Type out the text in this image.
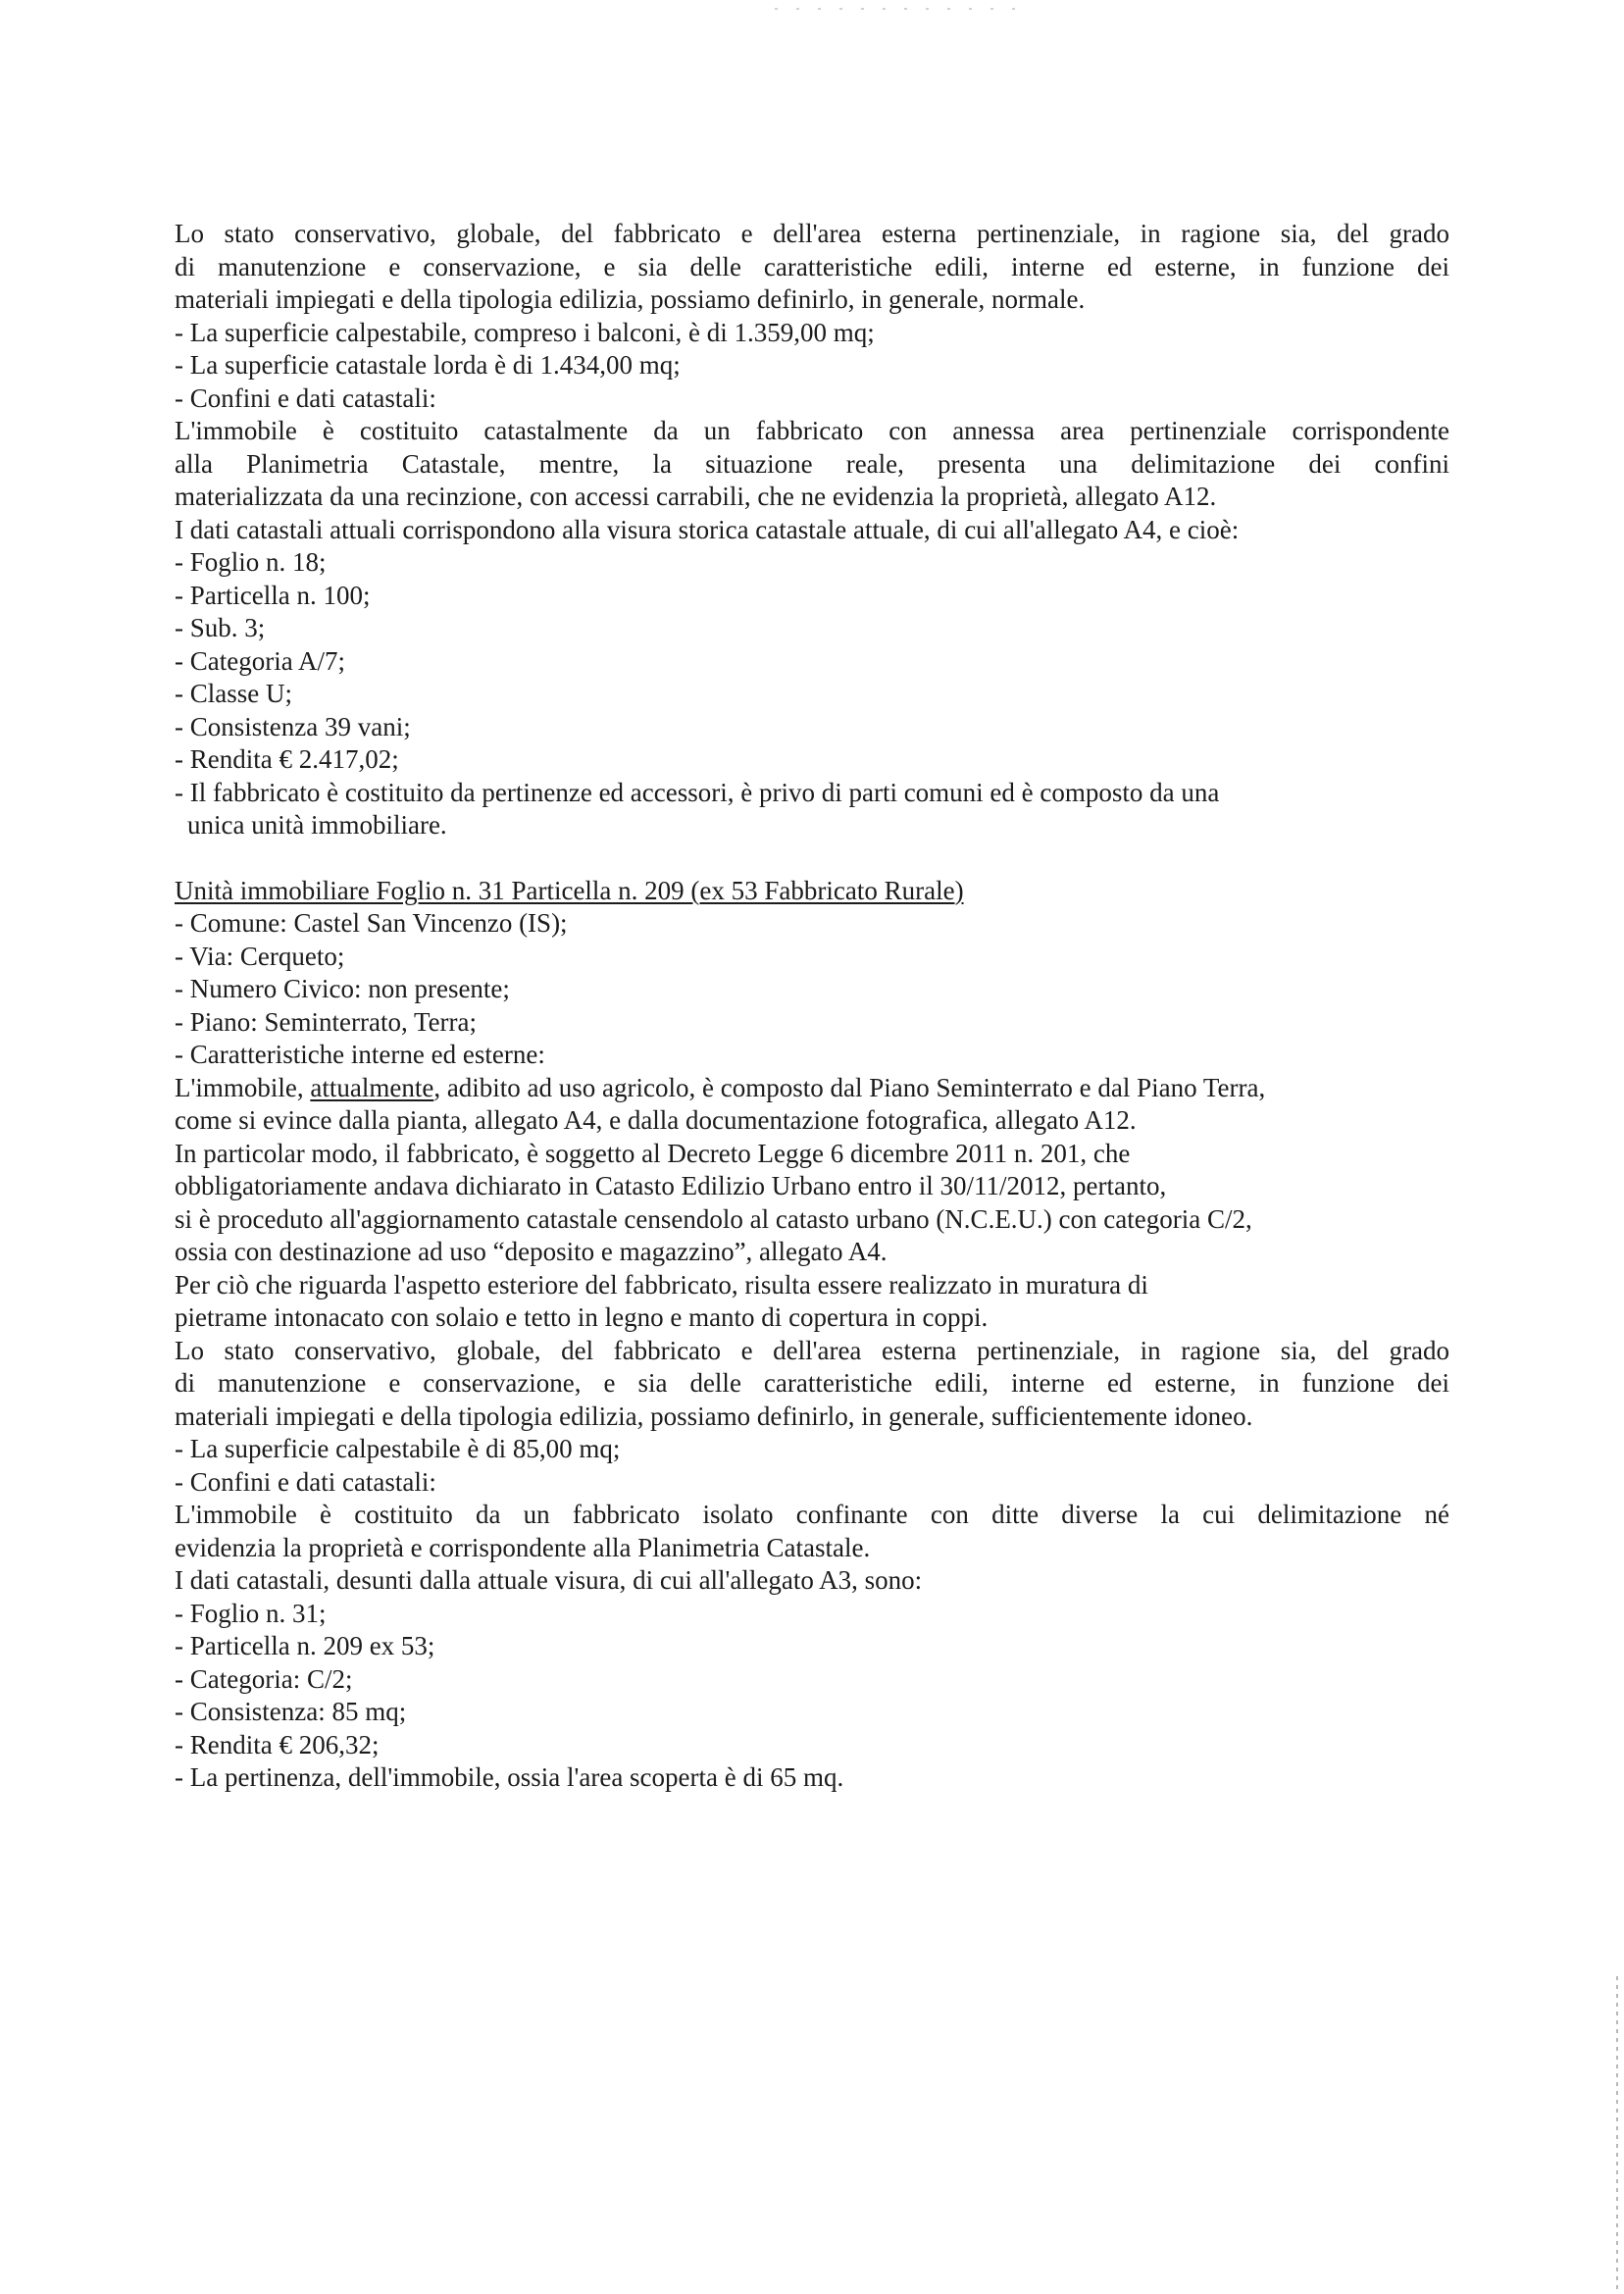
Lo stato conservativo, globale, del fabbricato e dell'area esterna pertinenziale, in ragione sia, del grado
di manutenzione e conservazione, e sia delle caratteristiche edili, interne ed esterne, in funzione dei
materiali impiegati e della tipologia edilizia, possiamo definirlo, in generale, normale.
- La superficie calpestabile, compreso i balconi, è di 1.359,00 mq;
- La superficie catastale lorda è di 1.434,00 mq;
- Confini e dati catastali:
L'immobile è costituito catastalmente da un fabbricato con annessa area pertinenziale corrispondente
alla Planimetria Catastale, mentre, la situazione reale, presenta una delimitazione dei confini
materializzata da una recinzione, con accessi carrabili, che ne evidenzia la proprietà, allegato A12.
I dati catastali attuali corrispondono alla visura storica catastale attuale, di cui all'allegato A4, e cioè:
- Foglio n. 18;
- Particella n. 100;
- Sub. 3;
- Categoria A/7;
- Classe U;
- Consistenza 39 vani;
- Rendita € 2.417,02;
- Il fabbricato è costituito da pertinenze ed accessori, è privo di parti comuni ed è composto da una
unica unità immobiliare.
Unità immobiliare Foglio n. 31 Particella n. 209 (ex 53 Fabbricato Rurale)
- Comune: Castel San Vincenzo (IS);
- Via: Cerqueto;
- Numero Civico: non presente;
- Piano: Seminterrato, Terra;
- Caratteristiche interne ed esterne:
L'immobile, attualmente, adibito ad uso agricolo, è composto dal Piano Seminterrato e dal Piano Terra,
come si evince dalla pianta, allegato A4, e dalla documentazione fotografica, allegato A12.
In particolar modo, il fabbricato, è soggetto al Decreto Legge 6 dicembre 2011 n. 201, che
obbligatoriamente andava dichiarato in Catasto Edilizio Urbano entro il 30/11/2012, pertanto,
si è proceduto all'aggiornamento catastale censendolo al catasto urbano (N.C.E.U.) con categoria C/2,
ossia con destinazione ad uso “deposito e magazzino”, allegato A4.
Per ciò che riguarda l'aspetto esteriore del fabbricato, risulta essere realizzato in muratura di
pietrame intonacato con solaio e tetto in legno e manto di copertura in coppi.
Lo stato conservativo, globale, del fabbricato e dell'area esterna pertinenziale, in ragione sia, del grado
di manutenzione e conservazione, e sia delle caratteristiche edili, interne ed esterne, in funzione dei
materiali impiegati e della tipologia edilizia, possiamo definirlo, in generale, sufficientemente idoneo.
- La superficie calpestabile è di 85,00 mq;
- Confini e dati catastali:
L'immobile è costituito da un fabbricato isolato confinante con ditte diverse la cui delimitazione né
evidenzia la proprietà e corrispondente alla Planimetria Catastale.
I dati catastali, desunti dalla attuale visura, di cui all'allegato A3, sono:
- Foglio n. 31;
- Particella n. 209 ex 53;
- Categoria: C/2;
- Consistenza: 85 mq;
- Rendita € 206,32;
- La pertinenza, dell'immobile, ossia l'area scoperta è di 65 mq.
